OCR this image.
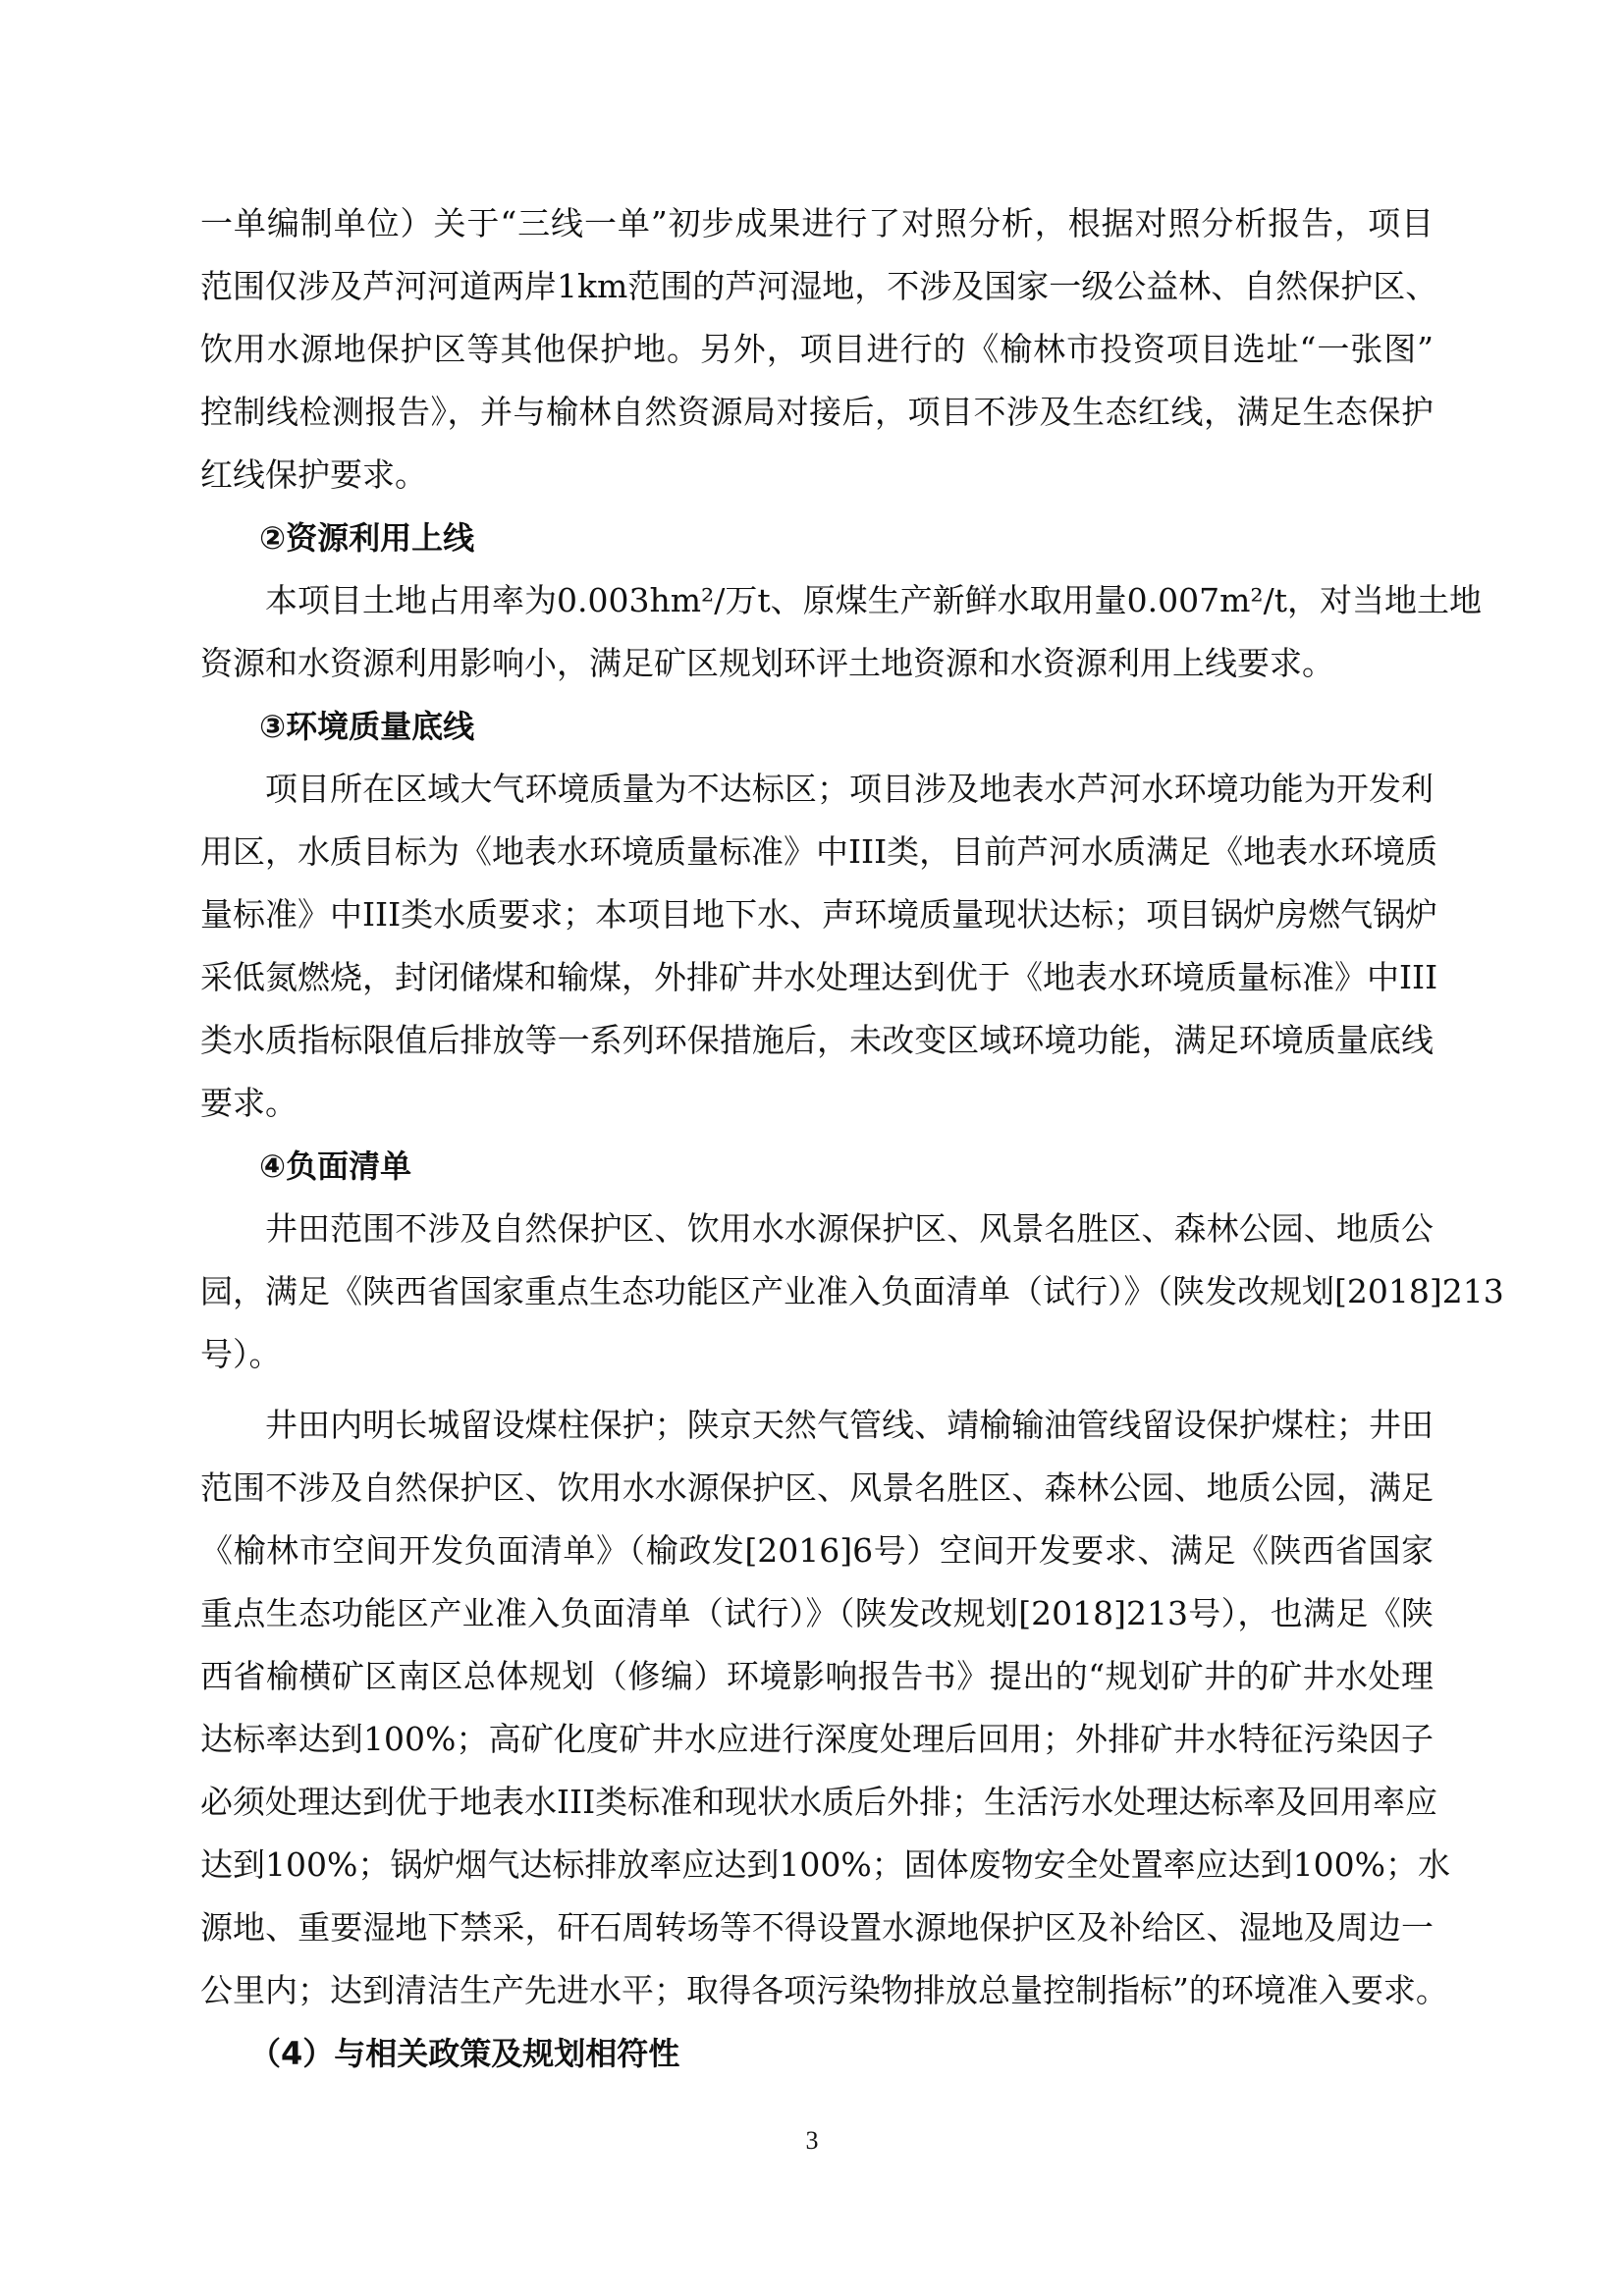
一单编制单位）关于“三线一单”初步成果进行了对照分析，根据对照分析报告，项目
范围仅涉及芦河河道两岸1km范围的芦河湿地，不涉及国家一级公益林、自然保护区、
饮用水源地保护区等其他保护地。另外，项目进行的《榆林市投资项目选址“一张图”
控制线检测报告》，并与榆林自然资源局对接后，项目不涉及生态红线，满足生态保护
红线保护要求。
②资源利用上线
本项目土地占用率为0.003hm²/万t、原煤生产新鲜水取用量0.007m²/t，对当地土地
资源和水资源利用影响小，满足矿区规划环评土地资源和水资源利用上线要求。
③环境质量底线
项目所在区域大气环境质量为不达标区；项目涉及地表水芦河水环境功能为开发利
用区，水质目标为《地表水环境质量标准》中III类，目前芦河水质满足《地表水环境质
量标准》中III类水质要求；本项目地下水、声环境质量现状达标；项目锅炉房燃气锅炉
采低氮燃烧，封闭储煤和输煤，外排矿井水处理达到优于《地表水环境质量标准》中III
类水质指标限值后排放等一系列环保措施后，未改变区域环境功能，满足环境质量底线
要求。
④负面清单
井田范围不涉及自然保护区、饮用水水源保护区、风景名胜区、森林公园、地质公
园，满足《陕西省国家重点生态功能区产业准入负面清单（试行）》（陕发改规划[2018]213
号）。
井田内明长城留设煤柱保护；陕京天然气管线、靖榆输油管线留设保护煤柱；井田
范围不涉及自然保护区、饮用水水源保护区、风景名胜区、森林公园、地质公园，满足
《榆林市空间开发负面清单》（榆政发[2016]6号）空间开发要求、满足《陕西省国家
重点生态功能区产业准入负面清单（试行）》（陕发改规划[2018]213号），也满足《陕
西省榆横矿区南区总体规划（修编）环境影响报告书》提出的“规划矿井的矿井水处理
达标率达到100%；高矿化度矿井水应进行深度处理后回用；外排矿井水特征污染因子
必须处理达到优于地表水III类标准和现状水质后外排；生活污水处理达标率及回用率应
达到100%；锅炉烟气达标排放率应达到100%；固体废物安全处置率应达到100%；水
源地、重要湿地下禁采，矸石周转场等不得设置水源地保护区及补给区、湿地及周边一
公里内；达到清洁生产先进水平；取得各项污染物排放总量控制指标”的环境准入要求。
（4）与相关政策及规划相符性
3
